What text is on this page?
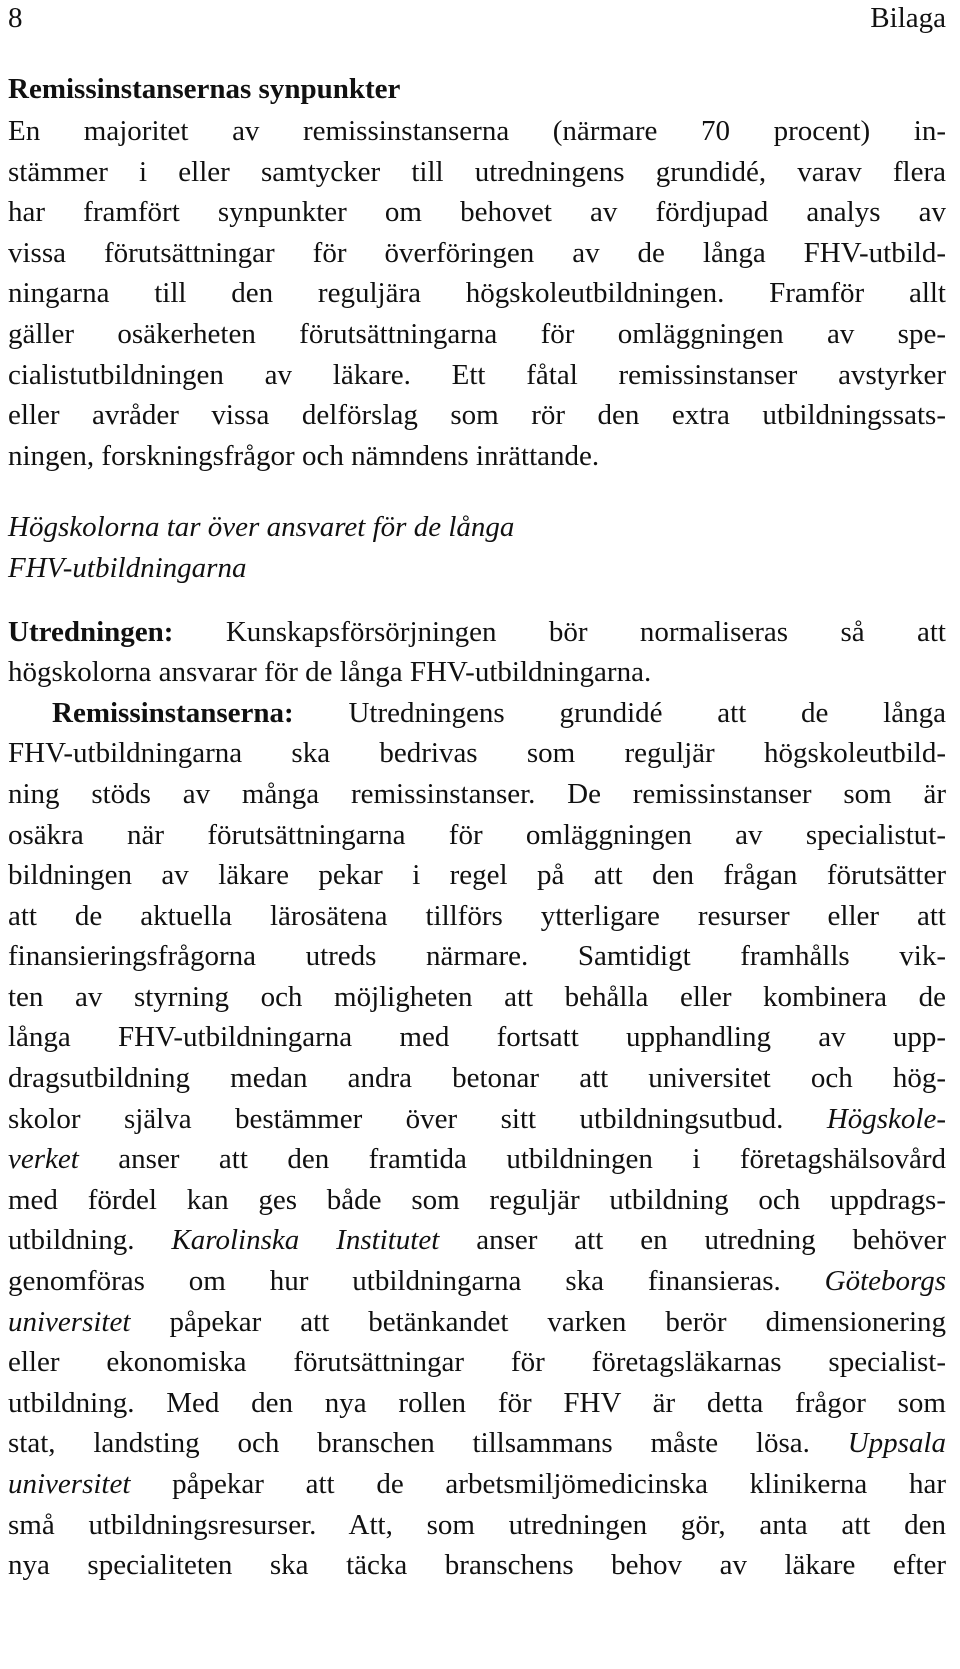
8	Bilaga
Remissinstansernas synpunkter
En majoritet av remissinstanserna (närmare 70 procent) in-
stämmer i eller samtycker till utredningens grundidé, varav flera
har framfört synpunkter om behovet av fördjupad analys av
vissa förutsättningar för överföringen av de långa FHV-utbild-
ningarna till den reguljära högskoleutbildningen. Framför allt
gäller osäkerheten förutsättningarna för omläggningen av spe-
cialistutbildningen av läkare. Ett fåtal remissinstanser avstyrker
eller avråder vissa delförslag som rör den extra utbildningssats-
ningen, forskningsfrågor och nämndens inrättande.
Högskolorna tar över ansvaret för de långa
FHV-utbildningarna
Utredningen: Kunskapsförsörjningen bör normaliseras så att
högskolorna ansvarar för de långa FHV-utbildningarna.
Remissinstanserna: Utredningens grundidé att de långa
FHV-utbildningarna ska bedrivas som reguljär högskoleutbild-
ning stöds av många remissinstanser. De remissinstanser som är
osäkra när förutsättningarna för omläggningen av specialistut-
bildningen av läkare pekar i regel på att den frågan förutsätter
att de aktuella lärosätena tillförs ytterligare resurser eller att
finansieringsfrågorna utreds närmare. Samtidigt framhålls vik-
ten av styrning och möjligheten att behålla eller kombinera de
långa FHV-utbildningarna med fortsatt upphandling av upp-
dragsutbildning medan andra betonar att universitet och hög-
skolor själva bestämmer över sitt utbildningsutbud. Högskole-
verket anser att den framtida utbildningen i företagshälsovård
med fördel kan ges både som reguljär utbildning och uppdrags-
utbildning. Karolinska Institutet anser att en utredning behöver
genomföras om hur utbildningarna ska finansieras. Göteborgs
universitet påpekar att betänkandet varken berör dimensionering
eller ekonomiska förutsättningar för företagsläkarnas specialist-
utbildning. Med den nya rollen för FHV är detta frågor som
stat, landsting och branschen tillsammans måste lösa. Uppsala
universitet påpekar att de arbetsmiljömedicinska klinikerna har
små utbildningsresurser. Att, som utredningen gör, anta att den
nya specialiteten ska täcka branschens behov av läkare efter
